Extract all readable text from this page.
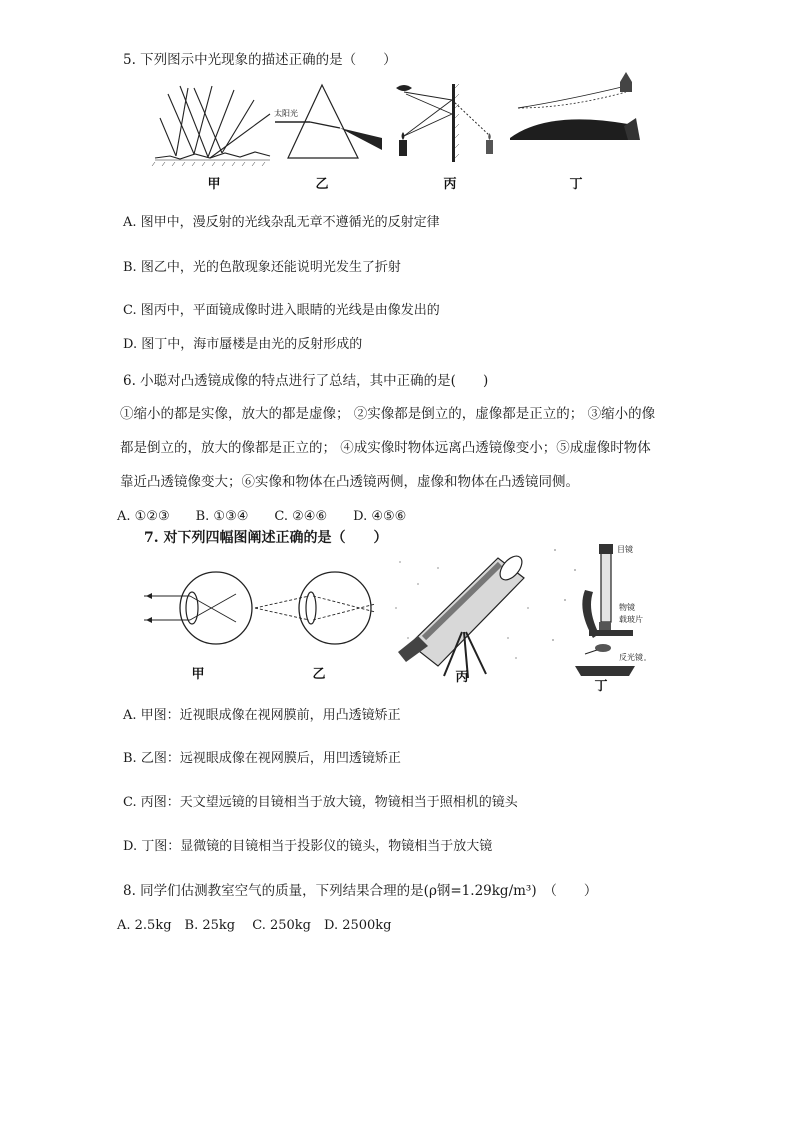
5. 下列图示中光现象的描述正确的是（　　）
甲
太阳光
乙	丙	丁
A. 图甲中，漫反射的光线杂乱无章不遵循光的反射定律
B. 图乙中，光的色散现象还能说明光发生了折射
C. 图丙中，平面镜成像时进入眼睛的光线是由像发出的
D. 图丁中，海市蜃楼是由光的反射形成的
6. 小聪对凸透镜成像的特点进行了总结，其中正确的是(　　)
①缩小的都是实像，放大的都是虚像； ②实像都是倒立的，虚像都是正立的； ③缩小的像都是倒立的，放大的像都是正立的； ④成实像时物体远离凸透镜像变小；⑤成虚像时物体靠近凸透镜像变大；⑥实像和物体在凸透镜两侧，虚像和物体在凸透镜同侧。
A. ①②③　　B. ①③④　　C. ②④⑥　　D. ④⑤⑥
7. 对下列四幅图阐述正确的是（　　）
甲	乙	丙
目镜
物镜
载玻片
反光镜
丁
A. 甲图：近视眼成像在视网膜前，用凸透镜矫正
B. 乙图：远视眼成像在视网膜后，用凹透镜矫正
C. 丙图：天文望远镜的目镜相当于放大镜，物镜相当于照相机的镜头
D. 丁图：显微镜的目镜相当于投影仪的镜头，物镜相当于放大镜
8. 同学们估测教室空气的质量，下列结果合理的是(ρ钢=1.29kg/m³)　（　　）
A. 2.5kg　B. 25kg　 C. 250kg　D. 2500kg
